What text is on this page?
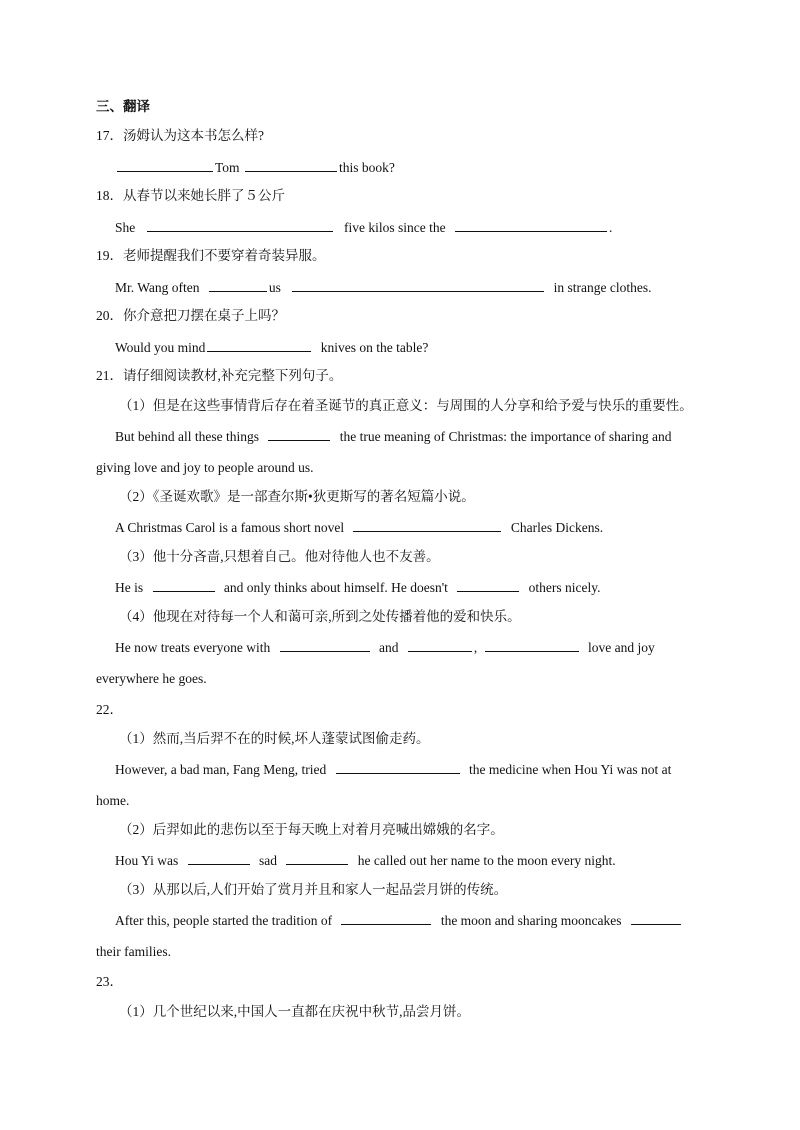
三、翻译
17．汤姆认为这本书怎么样?
Tom	this book?
18．从春节以来她长胖了５公斤
She	five kilos since the	.
19．老师提醒我们不要穿着奇装异服。
Mr. Wang often	us	in strange clothes.
20．你介意把刀摆在桌子上吗？
Would you mind	knives on the table?
21．请仔细阅读教材,补充完整下列句子。
（1）但是在这些事情背后存在着圣诞节的真正意义：与周围的人分享和给予爱与快乐的重要性。
But behind all these things	the true meaning of Christmas: the importance of sharing and
giving love and joy to people around us.
（2）《圣诞欢歌》是一部查尔斯•狄更斯写的著名短篇小说。
A Christmas Carol is a famous short novel	Charles Dickens.
（3）他十分吝啬,只想着自己。他对待他人也不友善。
He is	and only thinks about himself. He doesn't	others nicely.
（4）他现在对待每一个人和蔼可亲,所到之处传播着他的爱和快乐。
He now treats everyone with	and	,	love and joy
everywhere he goes.
22．
（1）然而,当后羿不在的时候,坏人蓬蒙试图偷走药。
However, a bad man, Fang Meng, tried	the medicine when Hou Yi was not at
home.
（2）后羿如此的悲伤以至于每天晚上对着月亮喊出嫦娥的名字。
Hou Yi was	sad	he called out her name to the moon every night.
（3）从那以后,人们开始了赏月并且和家人一起品尝月饼的传统。
After this, people started the tradition of	the moon and sharing mooncakes
their families.
23．
（1）几个世纪以来,中国人一直都在庆祝中秋节,品尝月饼。
